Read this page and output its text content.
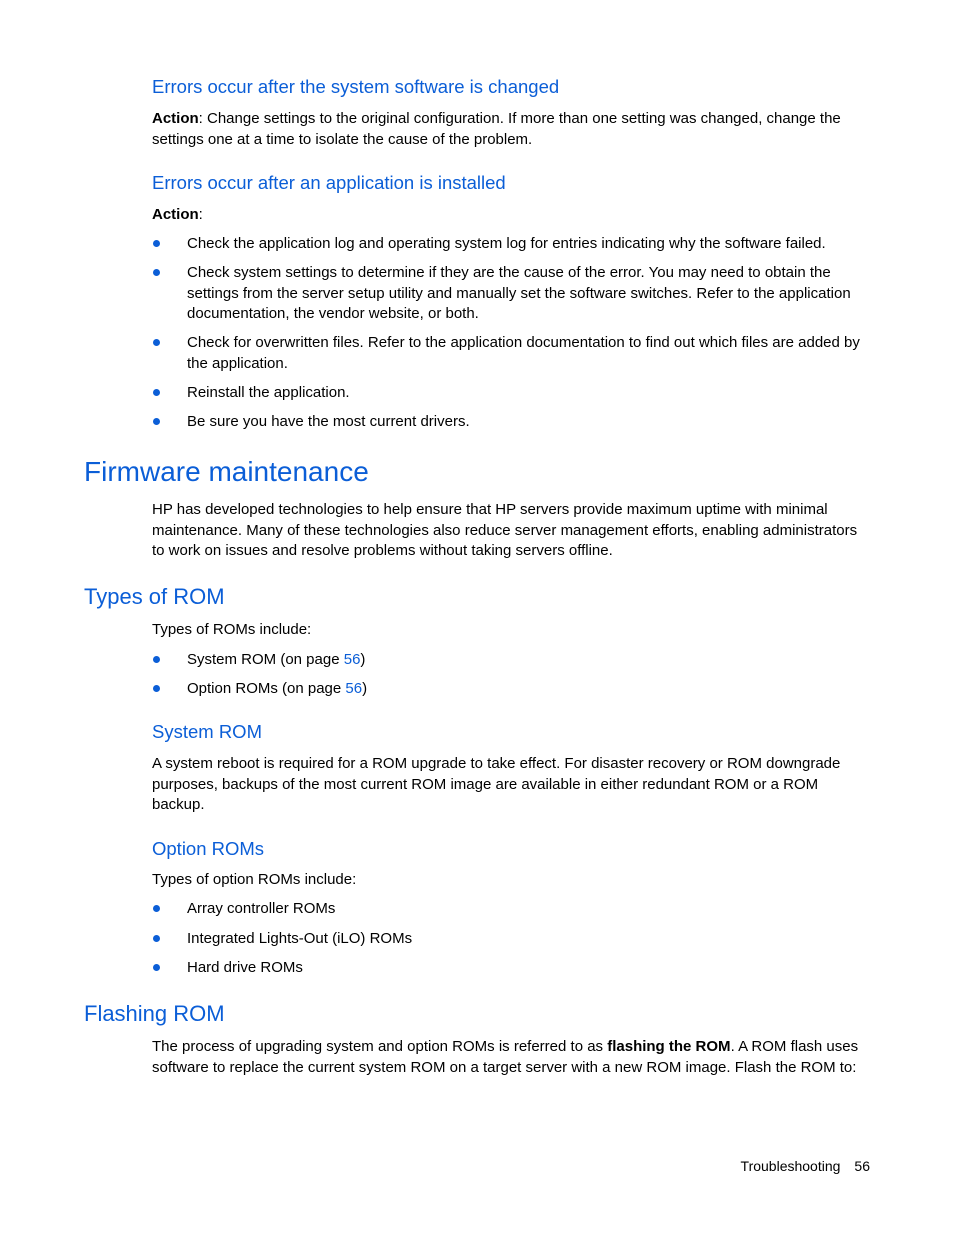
Errors occur after the system software is changed

Action: Change settings to the original configuration. If more than one setting was changed, change the settings one at a time to isolate the cause of the problem.

Errors occur after an application is installed

Action:

Check the application log and operating system log for entries indicating why the software failed.
Check system settings to determine if they are the cause of the error. You may need to obtain the settings from the server setup utility and manually set the software switches. Refer to the application documentation, the vendor website, or both.
Check for overwritten files. Refer to the application documentation to find out which files are added by the application.
Reinstall the application.
Be sure you have the most current drivers.
Firmware maintenance

HP has developed technologies to help ensure that HP servers provide maximum uptime with minimal maintenance. Many of these technologies also reduce server management efforts, enabling administrators to work on issues and resolve problems without taking servers offline.

Types of ROM

Types of ROMs include:

System ROM (on page 56)
Option ROMs (on page 56)
System ROM

A system reboot is required for a ROM upgrade to take effect. For disaster recovery or ROM downgrade purposes, backups of the most current ROM image are available in either redundant ROM or a ROM backup.

Option ROMs

Types of option ROMs include:

Array controller ROMs
Integrated Lights-Out (iLO) ROMs
Hard drive ROMs
Flashing ROM

The process of upgrading system and option ROMs is referred to as flashing the ROM. A ROM flash uses software to replace the current system ROM on a target server with a new ROM image. Flash the ROM to:

Troubleshooting 56
